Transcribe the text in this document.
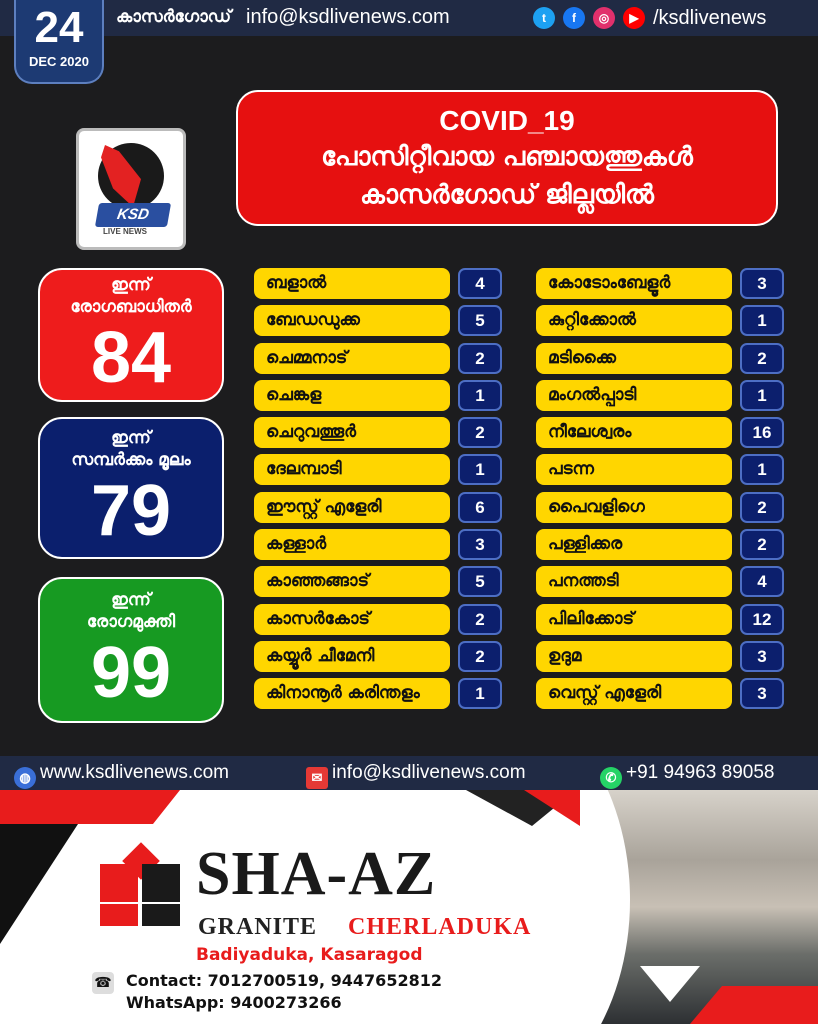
കാസർഗോഡ് info@ksdlivenews.com	t	f	◎	▶ /ksdlivenews
24
DEC 2020
KSD
LIVE NEWS
COVID_19
പോസിറ്റീവായ പഞ്ചായത്തുകൾ
കാസർഗോഡ് ജില്ലയിൽ
ഇന്ന്
രോഗബാധിതർ
84
ഇന്ന്
സമ്പർക്കം മൂലം
79
ഇന്ന്
രോഗമുക്തി
99
ബളാൽ	4
ബേഡഡുക്ക	5
ചെമ്മനാട്	2
ചെങ്കള	1
ചെറുവത്തൂർ	2
ദേലമ്പാടി	1
ഈസ്റ്റ് എളേരി	6
കള്ളാർ	3
കാഞ്ഞങ്ങാട്	5
കാസർകോട്	2
കയ്യൂർ ചീമേനി	2
കിനാനൂർ കരിന്തളം	1
കോടോംബേളൂർ	3
കുറ്റിക്കോൽ	1
മടിക്കൈ	2
മംഗൽപ്പാടി	1
നീലേശ്വരം	16
പടന്ന	1
പൈവളിഗെ	2
പള്ളിക്കര	2
പനത്തടി	4
പിലിക്കോട്	12
ഉദുമ	3
വെസ്റ്റ് എളേരി	3
◍ www.ksdlivenews.com	✉ info@ksdlivenews.com	✆ +91 94963 89058
SHA-AZ
GRANITE CHERLADUKA
Badiyaduka, Kasaragod
☎ Contact: 7012700519, 9447652812
WhatsApp: 9400273266
